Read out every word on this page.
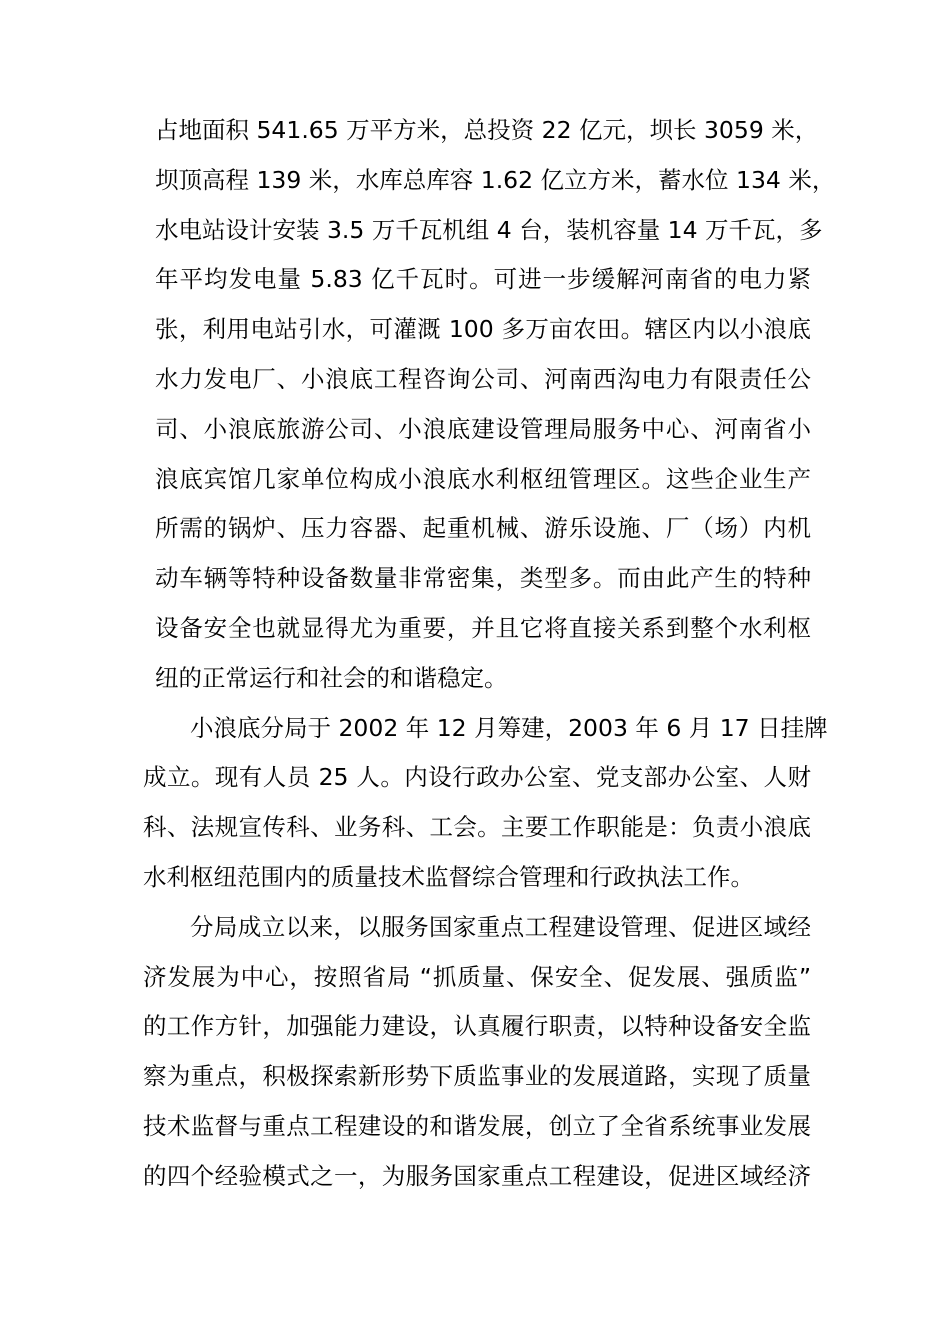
占地面积 541.65 万平方米，总投资 22 亿元，坝长 3059 米，
坝顶高程 139 米，水库总库容 1.62 亿立方米，蓄水位 134 米，
水电站设计安装 3.5 万千瓦机组 4 台，装机容量 14 万千瓦，多
年平均发电量 5.83 亿千瓦时。可进一步缓解河南省的电力紧
张，利用电站引水，可灌溉 100 多万亩农田。辖区内以小浪底
水力发电厂、小浪底工程咨询公司、河南西沟电力有限责任公
司、小浪底旅游公司、小浪底建设管理局服务中心、河南省小
浪底宾馆几家单位构成小浪底水利枢纽管理区。这些企业生产
所需的锅炉、压力容器、起重机械、游乐设施、厂（场）内机
动车辆等特种设备数量非常密集，类型多。而由此产生的特种
设备安全也就显得尤为重要，并且它将直接关系到整个水利枢
纽的正常运行和社会的和谐稳定。
小浪底分局于 2002 年 12 月筹建，2003 年 6 月 17 日挂牌
成立。现有人员 25 人。内设行政办公室、党支部办公室、人财
科、法规宣传科、业务科、工会。主要工作职能是：负责小浪底
水利枢纽范围内的质量技术监督综合管理和行政执法工作。
分局成立以来，以服务国家重点工程建设管理、促进区域经
济发展为中心，按照省局 “抓质量、保安全、促发展、强质监”
的工作方针，加强能力建设，认真履行职责，以特种设备安全监
察为重点，积极探索新形势下质监事业的发展道路，实现了质量
技术监督与重点工程建设的和谐发展，创立了全省系统事业发展
的四个经验模式之一，为服务国家重点工程建设，促进区域经济
